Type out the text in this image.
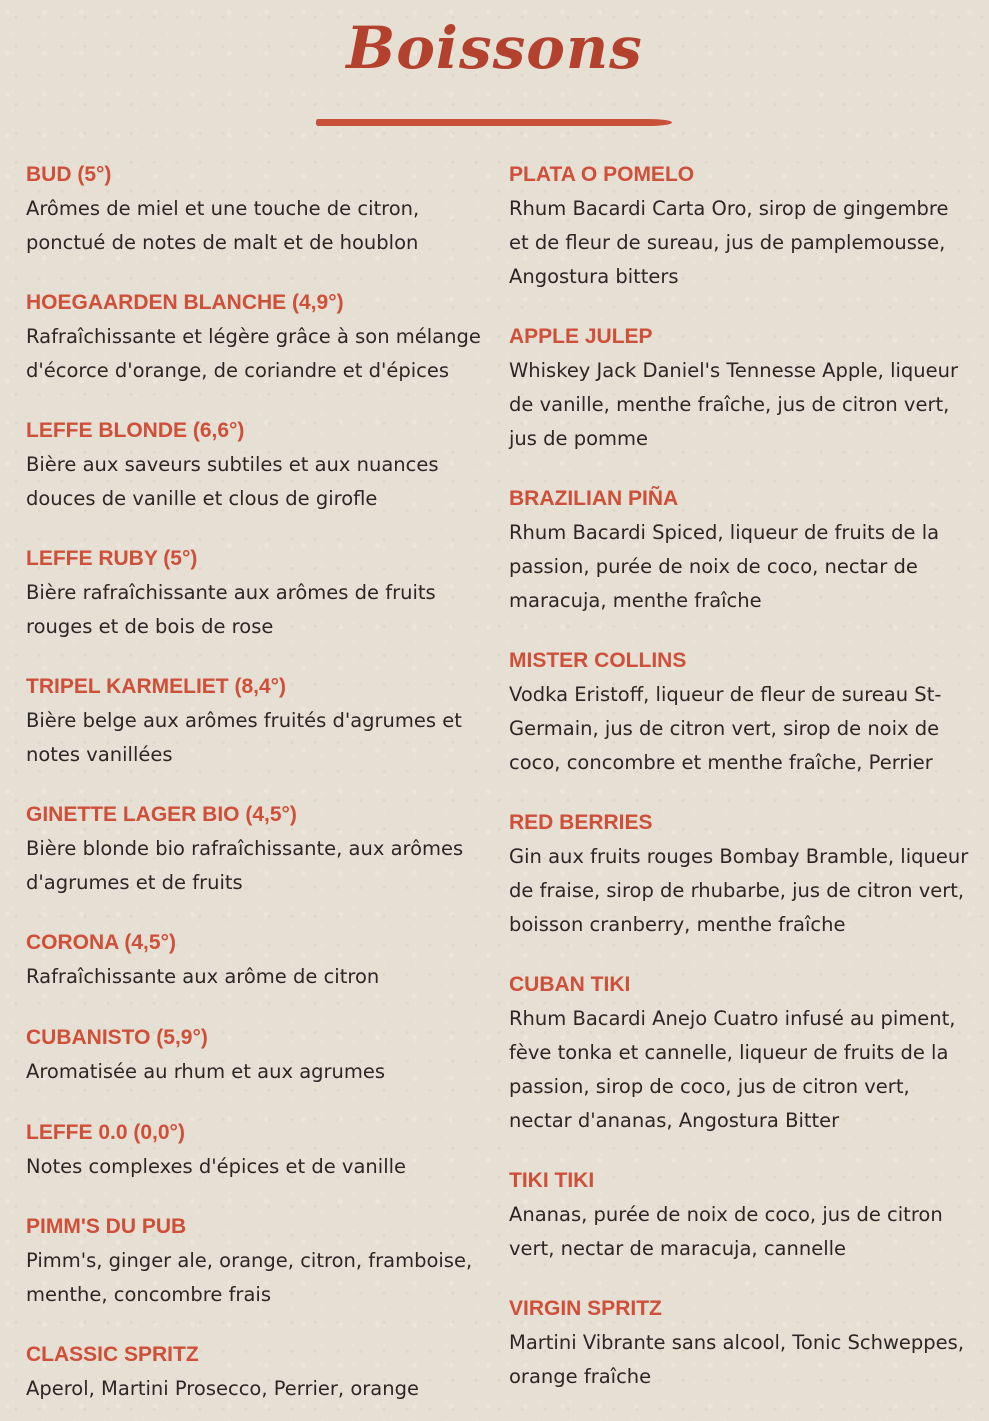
Boissons
BUD (5°)
Arômes de miel et une touche de citron, ponctué de notes de malt et de houblon
HOEGAARDEN BLANCHE (4,9°)
Rafraîchissante et légère grâce à son mélange d'écorce d'orange, de coriandre et d'épices
LEFFE BLONDE (6,6°)
Bière aux saveurs subtiles et aux nuances douces de vanille et clous de girofle
LEFFE RUBY (5°)
Bière rafraîchissante aux arômes de fruits rouges et de bois de rose
TRIPEL KARMELIET (8,4°)
Bière belge aux arômes fruités d'agrumes et notes vanillées
GINETTE LAGER BIO (4,5°)
Bière blonde bio rafraîchissante, aux arômes d'agrumes et de fruits
CORONA (4,5°)
Rafraîchissante aux arôme de citron
CUBANISTO (5,9°)
Aromatisée au rhum et aux agrumes
LEFFE 0.0 (0,0°)
Notes complexes d'épices et de vanille
PIMM'S DU PUB
Pimm's, ginger ale, orange, citron, framboise, menthe, concombre frais
CLASSIC SPRITZ
Aperol, Martini Prosecco, Perrier, orange
PLATA O POMELO
Rhum Bacardi Carta Oro, sirop de gingembre et de fleur de sureau, jus de pamplemousse, Angostura bitters
APPLE JULEP
Whiskey Jack Daniel's Tennesse Apple, liqueur de vanille, menthe fraîche, jus de citron vert, jus de pomme
BRAZILIAN PIÑA
Rhum Bacardi Spiced, liqueur de fruits de la passion, purée de noix de coco, nectar de maracuja, menthe fraîche
MISTER COLLINS
Vodka Eristoff, liqueur de fleur de sureau St-Germain, jus de citron vert, sirop de noix de coco, concombre et menthe fraîche, Perrier
RED BERRIES
Gin aux fruits rouges Bombay Bramble, liqueur de fraise, sirop de rhubarbe, jus de citron vert, boisson cranberry, menthe fraîche
CUBAN TIKI
Rhum Bacardi Anejo Cuatro infusé au piment, fève tonka et cannelle, liqueur de fruits de la passion, sirop de coco, jus de citron vert, nectar d'ananas, Angostura Bitter
TIKI TIKI
Ananas, purée de noix de coco, jus de citron vert, nectar de maracuja, cannelle
VIRGIN SPRITZ
Martini Vibrante sans alcool, Tonic Schweppes, orange fraîche
